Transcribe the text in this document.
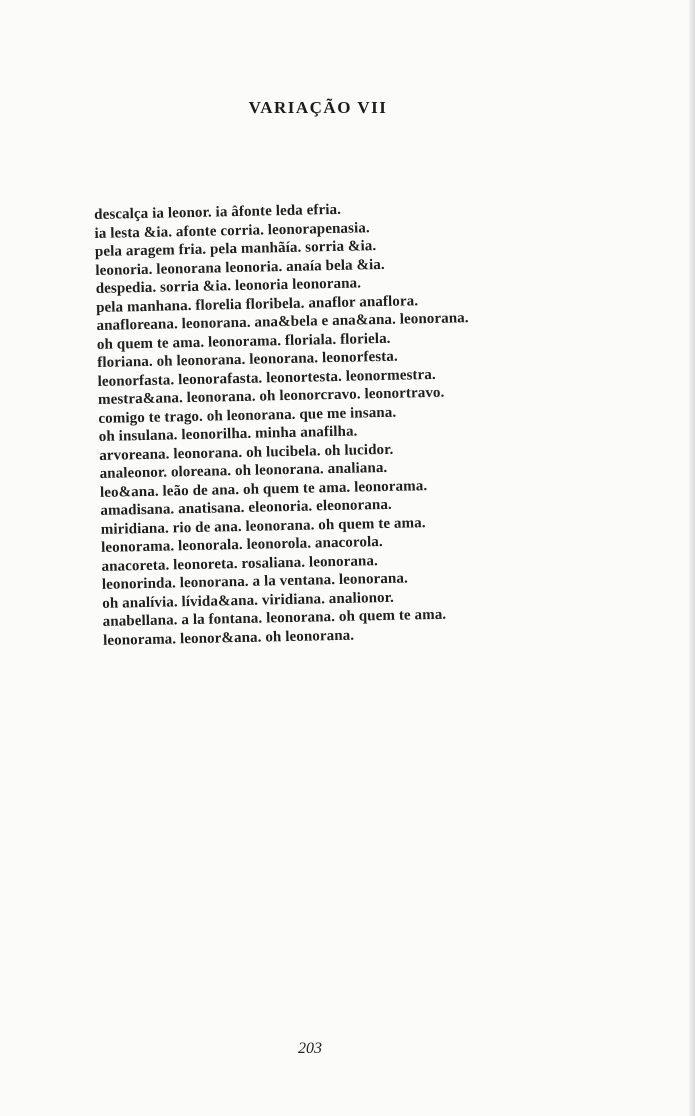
VARIAÇÃO VII
descalça ia leonor. ia âfonte leda efria.
ia lesta &ia. afonte corria. leonorapenasia.
pela aragem fria. pela manhãía. sorria &ia.
leonoria. leonorana leonoria. anaía bela &ia.
despedia. sorria &ia. leonoria leonorana.
pela manhana. florelia floribela. anaflor anaflora.
anafloreana. leonorana. ana&bela e ana&ana. leonorana.
oh quem te ama. leonorama. floriala. floriela.
floriana. oh leonorana. leonorana. leonorfesta.
leonorfasta. leonorafasta. leonortesta. leonormestra.
mestra&ana. leonorana. oh leonorcravo. leonortravo.
comigo te trago. oh leonorana. que me insana.
oh insulana. leonorilha. minha anafilha.
arvoreana. leonorana. oh lucibela. oh lucidor.
analeonor. oloreana. oh leonorana. analiana.
leo&ana. leão de ana. oh quem te ama. leonorama.
amadisana. anatisana. eleonoria. eleonorana.
miridiana. rio de ana. leonorana. oh quem te ama.
leonorama. leonorala. leonorola. anacorola.
anacoreta. leonoreta. rosaliana. leonorana.
leonorinda. leonorana. a la ventana. leonorana.
oh analívia. lívida&ana. viridiana. analionor.
anabellana. a la fontana. leonorana. oh quem te ama.
leonorama. leonor&ana. oh leonorana.
203
